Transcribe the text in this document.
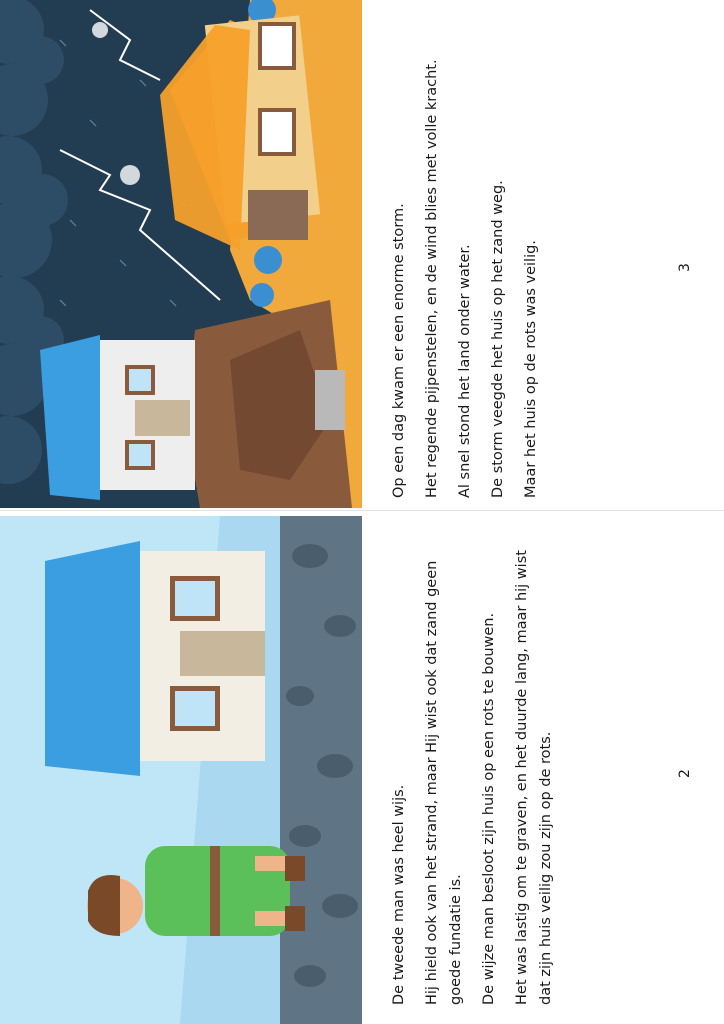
Op een dag kwam er een enorme storm. Het regende pijpenstelen, en de wind blies met volle kracht. Al snel stond het land onder water. De storm veegde het huis op het zand weg. Maar het huis op de rots was veilig.	3

De tweede man was heel wijs. Hij hield ook van het strand, maar Hij wist ook dat zand geen goede fundatie is. De wijze man besloot zijn huis op een rots te bouwen. Het was lastig om te graven, en het duurde lang, maar hij wist dat zijn huis veilig zou zijn op de rots.	2
